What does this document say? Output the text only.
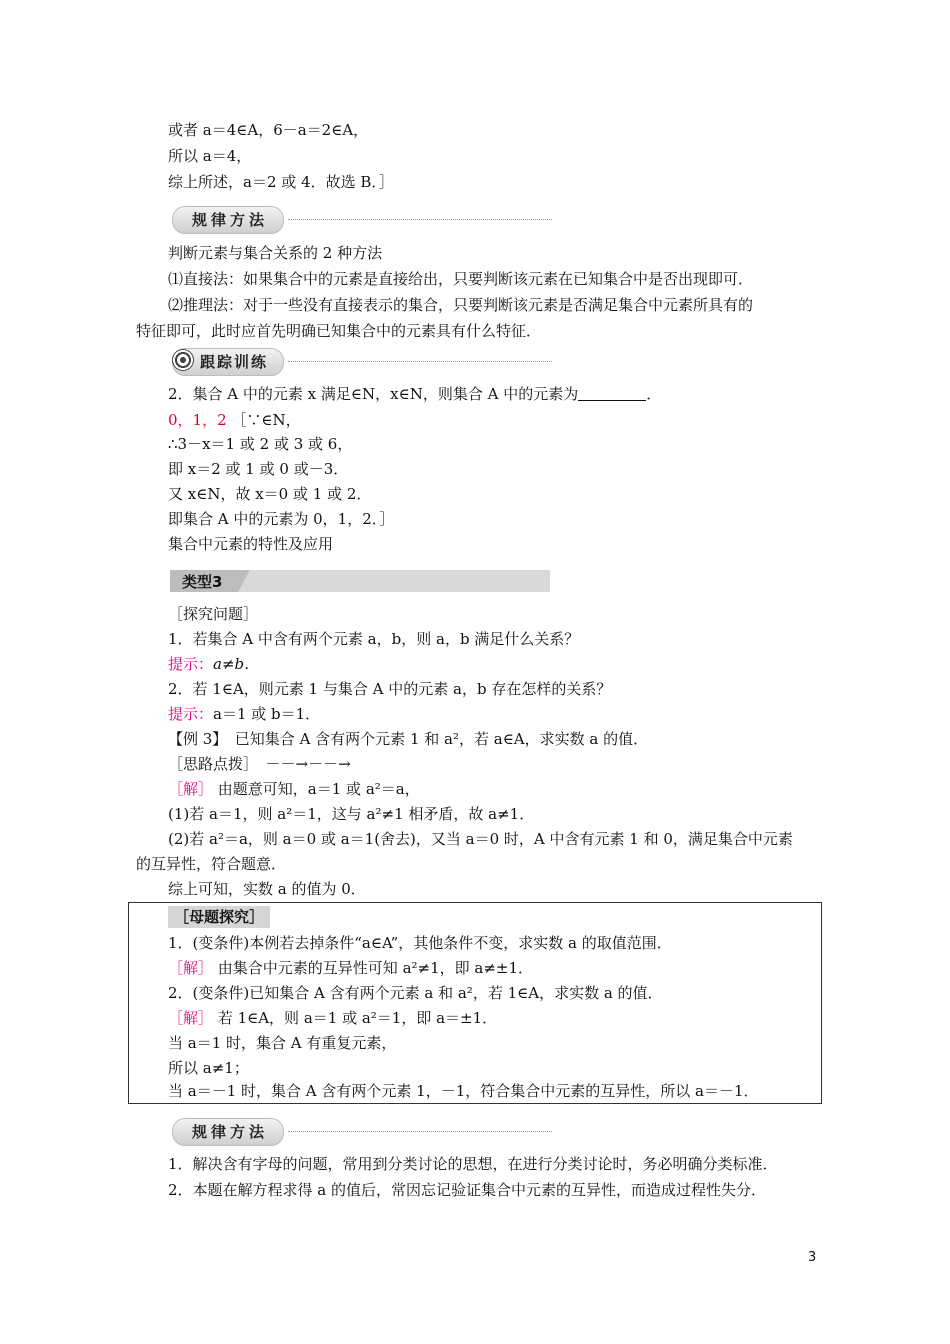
或者 a＝4∈A，6－a＝2∈A，
所以 a＝4，
综上所述，a＝2 或 4．故选 B．］
规律方法
判断元素与集合关系的 2 种方法
⑴直接法：如果集合中的元素是直接给出，只要判断该元素在已知集合中是否出现即可．
⑵推理法：对于一些没有直接表示的集合，只要判断该元素是否满足集合中元素所具有的
特征即可，此时应首先明确已知集合中的元素具有什么特征．
跟踪训练
2．集合 A 中的元素 x 满足∈N，x∈N，则集合 A 中的元素为	．
0，1，2 ［∵∈N，
∴3－x＝1 或 2 或 3 或 6，
即 x＝2 或 1 或 0 或－3．
又 x∈N，故 x＝0 或 1 或 2．
即集合 A 中的元素为 0，1，2．］
集合中元素的特性及应用
类型3
［探究问题］
1．若集合 A 中含有两个元素 a，b，则 a，b 满足什么关系？
提示：a≠b．
2．若 1∈A，则元素 1 与集合 A 中的元素 a，b 存在怎样的关系？
提示：a＝1 或 b＝1．
【例 3】　已知集合 A 含有两个元素 1 和 a²，若 a∈A，求实数 a 的值．
［思路点拨］　－－→－－→
［解］ 由题意可知，a＝1 或 a²＝a，
(1)若 a＝1，则 a²＝1，这与 a²≠1 相矛盾，故 a≠1．
(2)若 a²＝a，则 a＝0 或 a＝1(舍去)，又当 a＝0 时，A 中含有元素 1 和 0，满足集合中元素
的互异性，符合题意．
综上可知，实数 a 的值为 0．
［母题探究］
1．(变条件)本例若去掉条件“a∈A”，其他条件不变，求实数 a 的取值范围．
［解］ 由集合中元素的互异性可知 a²≠1，即 a≠±1．
2．(变条件)已知集合 A 含有两个元素 a 和 a²，若 1∈A，求实数 a 的值．
［解］ 若 1∈A，则 a＝1 或 a²＝1，即 a＝±1．
当 a＝1 时，集合 A 有重复元素，
所以 a≠1；
当 a＝－1 时，集合 A 含有两个元素 1，－1，符合集合中元素的互异性，所以 a＝－1．
规律方法
1．解决含有字母的问题，常用到分类讨论的思想，在进行分类讨论时，务必明确分类标准．
2．本题在解方程求得 a 的值后，常因忘记验证集合中元素的互异性，而造成过程性失分．
3
